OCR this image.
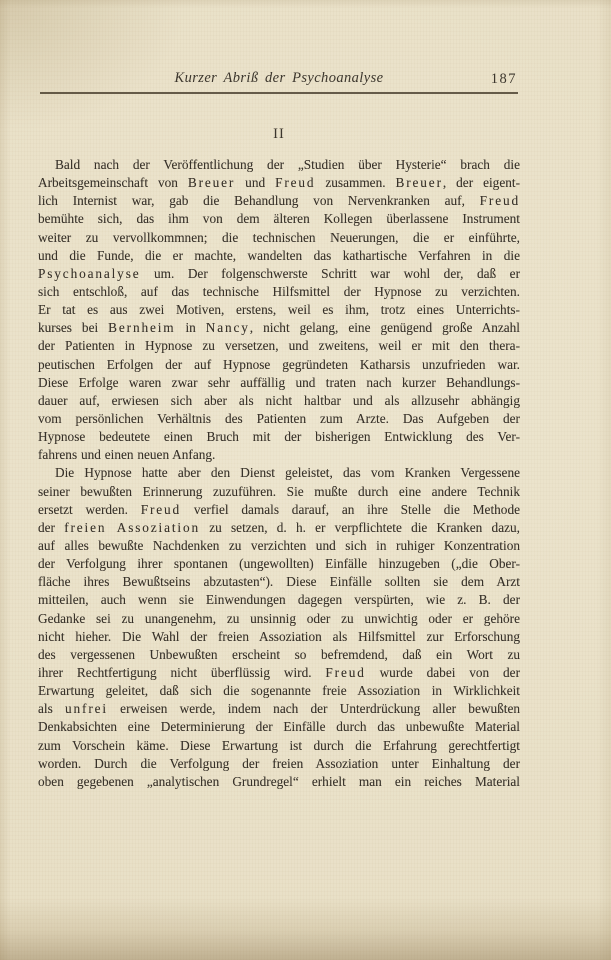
Kurzer Abriß der Psychoanalyse	187
II
Bald nach der Veröffentlichung der „Studien über Hysterie“ brach die
Arbeitsgemeinschaft von Breuer und Freud zusammen. Breuer, der eigent-
lich Internist war, gab die Behandlung von Nervenkranken auf, Freud
bemühte sich, das ihm von dem älteren Kollegen überlassene Instrument
weiter zu vervollkommnen; die technischen Neuerungen, die er einführte,
und die Funde, die er machte, wandelten das kathartische Verfahren in die
Psychoanalyse um. Der folgenschwerste Schritt war wohl der, daß er
sich entschloß, auf das technische Hilfsmittel der Hypnose zu verzichten.
Er tat es aus zwei Motiven, erstens, weil es ihm, trotz eines Unterrichts-
kurses bei Bernheim in Nancy, nicht gelang, eine genügend große Anzahl
der Patienten in Hypnose zu versetzen, und zweitens, weil er mit den thera-
peutischen Erfolgen der auf Hypnose gegründeten Katharsis unzufrieden war.
Diese Erfolge waren zwar sehr auffällig und traten nach kurzer Behandlungs-
dauer auf, erwiesen sich aber als nicht haltbar und als allzusehr abhängig
vom persönlichen Verhältnis des Patienten zum Arzte. Das Aufgeben der
Hypnose bedeutete einen Bruch mit der bisherigen Entwicklung des Ver-
fahrens und einen neuen Anfang.
Die Hypnose hatte aber den Dienst geleistet, das vom Kranken Vergessene
seiner bewußten Erinnerung zuzuführen. Sie mußte durch eine andere Technik
ersetzt werden. Freud verfiel damals darauf, an ihre Stelle die Methode
der freien Assoziation zu setzen, d. h. er verpflichtete die Kranken dazu,
auf alles bewußte Nachdenken zu verzichten und sich in ruhiger Konzentration
der Verfolgung ihrer spontanen (ungewollten) Einfälle hinzugeben („die Ober-
fläche ihres Bewußtseins abzutasten“). Diese Einfälle sollten sie dem Arzt
mitteilen, auch wenn sie Einwendungen dagegen verspürten, wie z. B. der
Gedanke sei zu unangenehm, zu unsinnig oder zu unwichtig oder er gehöre
nicht hieher. Die Wahl der freien Assoziation als Hilfsmittel zur Erforschung
des vergessenen Unbewußten erscheint so befremdend, daß ein Wort zu
ihrer Rechtfertigung nicht überflüssig wird. Freud wurde dabei von der
Erwartung geleitet, daß sich die sogenannte freie Assoziation in Wirklichkeit
als unfrei erweisen werde, indem nach der Unterdrückung aller bewußten
Denkabsichten eine Determinierung der Einfälle durch das unbewußte Material
zum Vorschein käme. Diese Erwartung ist durch die Erfahrung gerechtfertigt
worden. Durch die Verfolgung der freien Assoziation unter Einhaltung der
oben gegebenen „analytischen Grundregel“ erhielt man ein reiches Material
